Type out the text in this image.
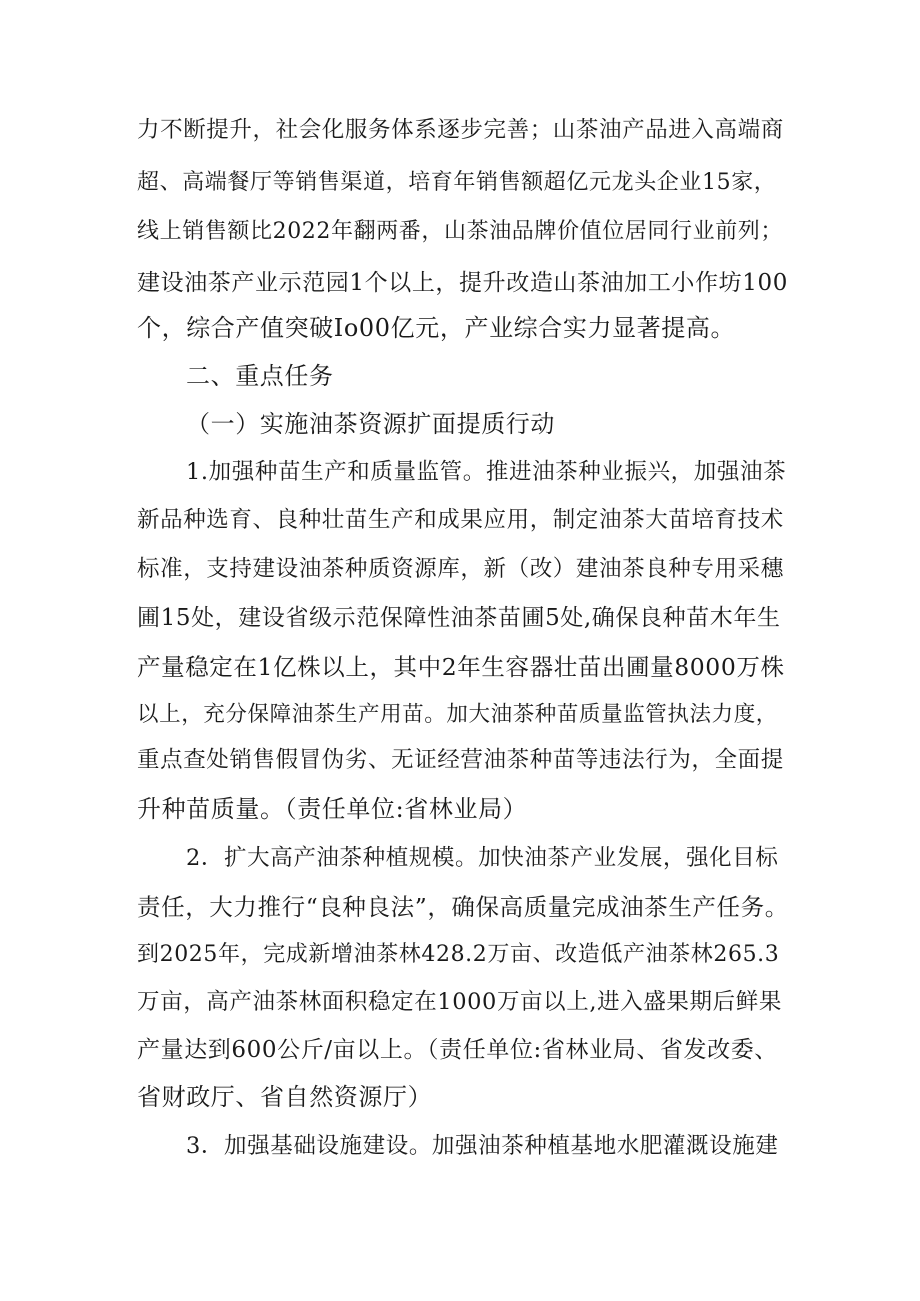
力不断提升，社会化服务体系逐步完善；山茶油产品进入高端商
超、高端餐厅等销售渠道，培育年销售额超亿元龙头企业15家，
线上销售额比2022年翻两番，山茶油品牌价值位居同行业前列；
建设油茶产业示范园1个以上，提升改造山茶油加工小作坊100
个，综合产值突破Io00亿元，产业综合实力显著提高。
二、重点任务
（一）实施油茶资源扩面提质行动
1.加强种苗生产和质量监管。推进油茶种业振兴，加强油茶
新品种选育、良种壮苗生产和成果应用，制定油茶大苗培育技术
标准，支持建设油茶种质资源库，新（改）建油茶良种专用采穗
圃15处，建设省级示范保障性油茶苗圃5处,确保良种苗木年生
产量稳定在1亿株以上，其中2年生容器壮苗出圃量8000万株
以上，充分保障油茶生产用苗。加大油茶种苗质量监管执法力度，
重点查处销售假冒伪劣、无证经营油茶种苗等违法行为，全面提
升种苗质量。（责任单位:省林业局）
2．扩大高产油茶种植规模。加快油茶产业发展，强化目标
责任，大力推行“良种良法”，确保高质量完成油茶生产任务。
到2025年，完成新增油茶林428.2万亩、改造低产油茶林265.3
万亩，高产油茶林面积稳定在1000万亩以上,进入盛果期后鲜果
产量达到600公斤/亩以上。（责任单位:省林业局、省发改委、
省财政厅、省自然资源厅）
3．加强基础设施建设。加强油茶种植基地水肥灌溉设施建
